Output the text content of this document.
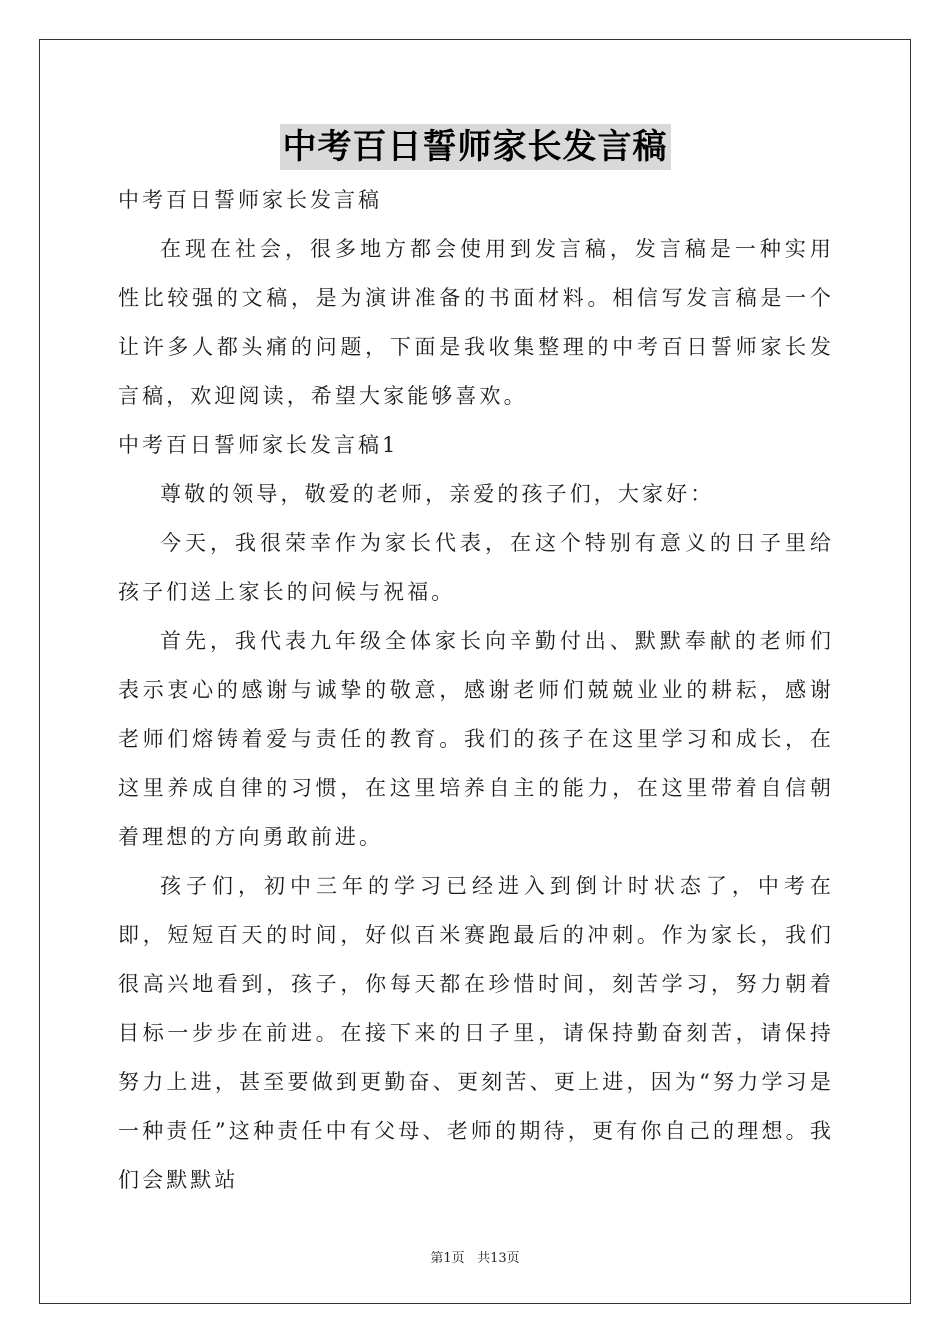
中考百日誓师家长发言稿

中考百日誓师家长发言稿

在现在社会，很多地方都会使用到发言稿，发言稿是一种实用性比较强的文稿，是为演讲准备的书面材料。相信写发言稿是一个让许多人都头痛的问题，下面是我收集整理的中考百日誓师家长发言稿，欢迎阅读，希望大家能够喜欢。

中考百日誓师家长发言稿1

尊敬的领导，敬爱的老师，亲爱的孩子们，大家好：

今天，我很荣幸作为家长代表，在这个特别有意义的日子里给孩子们送上家长的问候与祝福。

首先，我代表九年级全体家长向辛勤付出、默默奉献的老师们表示衷心的感谢与诚挚的敬意，感谢老师们兢兢业业的耕耘，感谢老师们熔铸着爱与责任的教育。我们的孩子在这里学习和成长，在这里养成自律的习惯，在这里培养自主的能力，在这里带着自信朝着理想的方向勇敢前进。

孩子们，初中三年的学习已经进入到倒计时状态了，中考在即，短短百天的时间，好似百米赛跑最后的冲刺。作为家长，我们很高兴地看到，孩子，你每天都在珍惜时间，刻苦学习，努力朝着目标一步步在前进。在接下来的日子里，请保持勤奋刻苦，请保持努力上进，甚至要做到更勤奋、更刻苦、更上进，因为“努力学习是一种责任”这种责任中有父母、老师的期待，更有你自己的理想。我们会默默站

第1页 共13页
